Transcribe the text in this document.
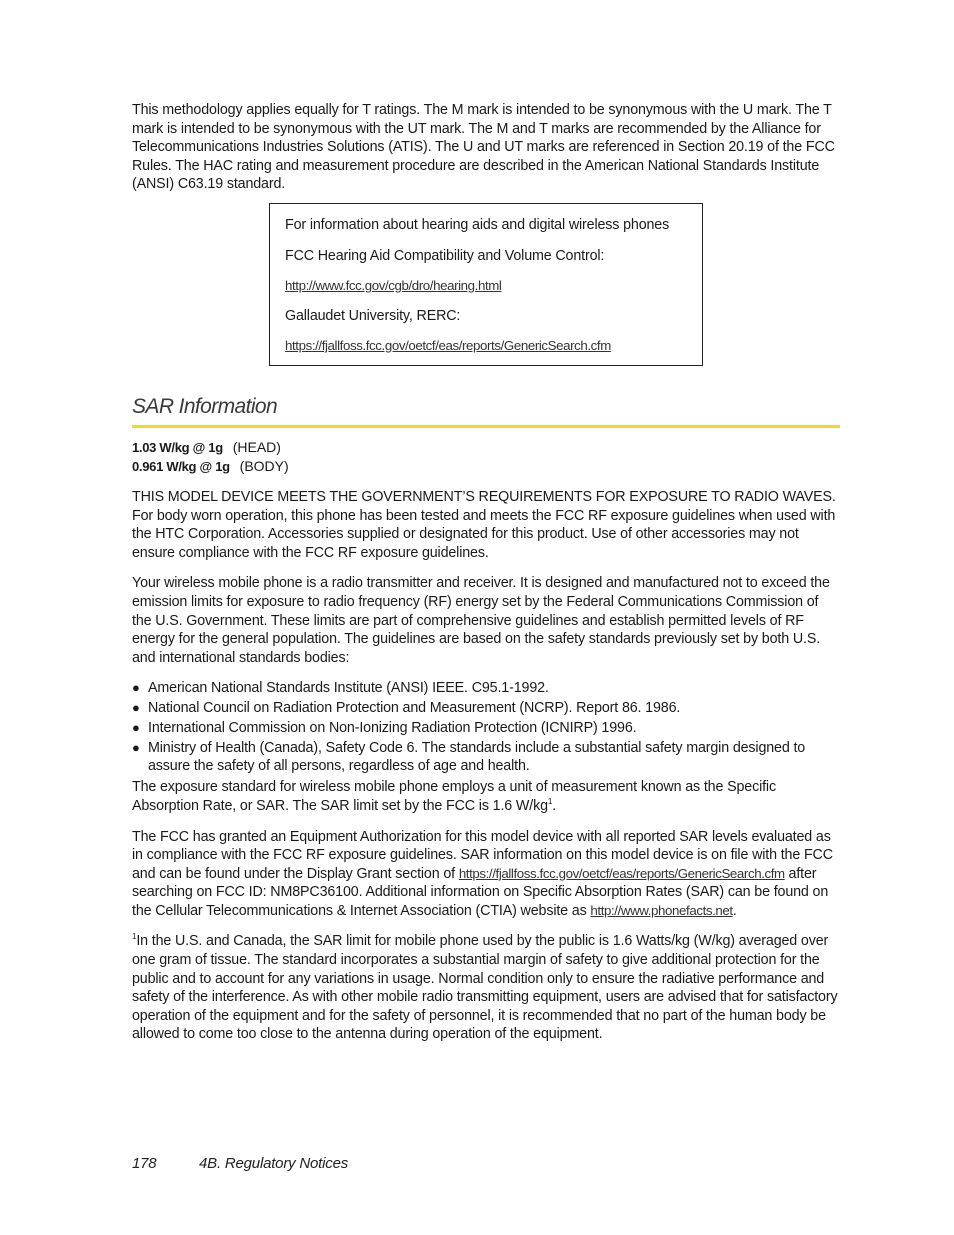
This methodology applies equally for T ratings. The M mark is intended to be synonymous with the U mark. The T mark is intended to be synonymous with the UT mark. The M and T marks are recommended by the Alliance for Telecommunications Industries Solutions (ATIS). The U and UT marks are referenced in Section 20.19 of the FCC Rules. The HAC rating and measurement procedure are described in the American National Standards Institute (ANSI) C63.19 standard.

For information about hearing aids and digital wireless phones
FCC Hearing Aid Compatibility and Volume Control:
http://www.fcc.gov/cgb/dro/hearing.html
Gallaudet University, RERC:
https://fjallfoss.fcc.gov/oetcf/eas/reports/GenericSearch.cfm
SAR Information
1.03 W/kg @ 1g (HEAD)
0.961 W/kg @ 1g (BODY)

THIS MODEL DEVICE MEETS THE GOVERNMENT’S REQUIREMENTS FOR EXPOSURE TO RADIO WAVES. For body worn operation, this phone has been tested and meets the FCC RF exposure guidelines when used with the HTC Corporation. Accessories supplied or designated for this product. Use of other accessories may not ensure compliance with the FCC RF exposure guidelines.

Your wireless mobile phone is a radio transmitter and receiver. It is designed and manufactured not to exceed the emission limits for exposure to radio frequency (RF) energy set by the Federal Communications Commission of the U.S. Government. These limits are part of comprehensive guidelines and establish permitted levels of RF energy for the general population. The guidelines are based on the safety standards previously set by both U.S. and international standards bodies:

● American National Standards Institute (ANSI) IEEE. C95.1-1992.
● National Council on Radiation Protection and Measurement (NCRP). Report 86. 1986.
● International Commission on Non-Ionizing Radiation Protection (ICNIRP) 1996.
● Ministry of Health (Canada), Safety Code 6. The standards include a substantial safety margin designed to assure the safety of all persons, regardless of age and health.

The exposure standard for wireless mobile phone employs a unit of measurement known as the Specific Absorption Rate, or SAR. The SAR limit set by the FCC is 1.6 $W/kg^1$.

The FCC has granted an Equipment Authorization for this model device with all reported SAR levels evaluated as in compliance with the FCC RF exposure guidelines. SAR information on this model device is on file with the FCC and can be found under the Display Grant section of https://fjallfoss.fcc.gov/oetcf/eas/reports/GenericSearch.cfm after searching on FCC ID: NM8PC36100. Additional information on Specific Absorption Rates (SAR) can be found on the Cellular Telecommunications & Internet Association (CTIA) website as http://www.phonefacts.net.

$^1$In the U.S. and Canada, the SAR limit for mobile phone used by the public is 1.6 Watts/kg (W/kg) averaged over one gram of tissue. The standard incorporates a substantial margin of safety to give additional protection for the public and to account for any variations in usage. Normal condition only to ensure the radiative performance and safety of the interference. As with other mobile radio transmitting equipment, users are advised that for satisfactory operation of the equipment and for the safety of personnel, it is recommended that no part of the human body be allowed to come too close to the antenna during operation of the equipment.

178	4B. Regulatory Notices
